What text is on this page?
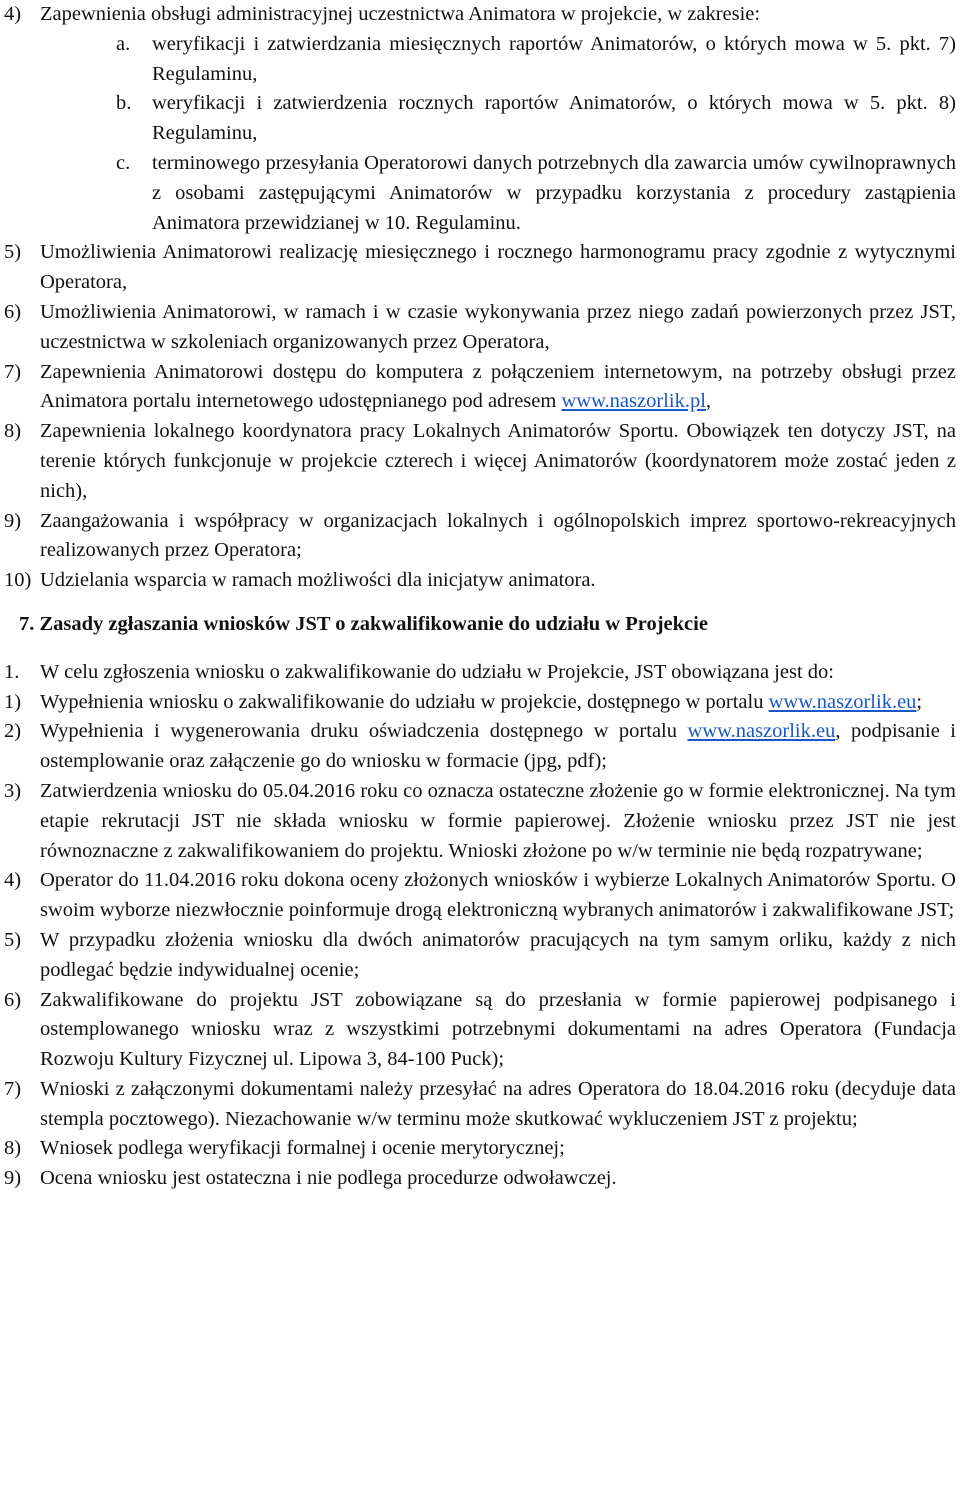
4) Zapewnienia obsługi administracyjnej uczestnictwa Animatora w projekcie, w zakresie:
a. weryfikacji i zatwierdzania miesięcznych raportów Animatorów, o których mowa w 5. pkt. 7) Regulaminu,
b. weryfikacji i zatwierdzenia rocznych raportów Animatorów, o których mowa w 5. pkt. 8) Regulaminu,
c. terminowego przesyłania Operatorowi danych potrzebnych dla zawarcia umów cywilnoprawnych z osobami zastępującymi Animatorów w przypadku korzystania z procedury zastąpienia Animatora przewidzianej w 10. Regulaminu.
5) Umożliwienia Animatorowi realizację miesięcznego i rocznego harmonogramu pracy zgodnie z wytycznymi Operatora,
6) Umożliwienia Animatorowi, w ramach i w czasie wykonywania przez niego zadań powierzonych przez JST, uczestnictwa w szkoleniach organizowanych przez Operatora,
7) Zapewnienia Animatorowi dostępu do komputera z połączeniem internetowym, na potrzeby obsługi przez Animatora portalu internetowego udostępnianego pod adresem www.naszorlik.pl,
8) Zapewnienia lokalnego koordynatora pracy Lokalnych Animatorów Sportu. Obowiązek ten dotyczy JST, na terenie których funkcjonuje w projekcie czterech i więcej Animatorów (koordynatorem może zostać jeden z nich),
9) Zaangażowania i współpracy w organizacjach lokalnych i ogólnopolskich imprez sportowo-rekreacyjnych realizowanych przez Operatora;
10) Udzielania wsparcia w ramach możliwości dla inicjatyw animatora.
7. Zasady zgłaszania wniosków JST o zakwalifikowanie do udziału w Projekcie
1. W celu zgłoszenia wniosku o zakwalifikowanie do udziału w Projekcie, JST obowiązana jest do:
1) Wypełnienia wniosku o zakwalifikowanie do udziału w projekcie, dostępnego w portalu www.naszorlik.eu;
2) Wypełnienia i wygenerowania druku oświadczenia dostępnego w portalu www.naszorlik.eu, podpisanie i ostemplowanie oraz załączenie go do wniosku w formacie (jpg, pdf);
3) Zatwierdzenia wniosku do 05.04.2016 roku co oznacza ostateczne złożenie go w formie elektronicznej. Na tym etapie rekrutacji JST nie składa wniosku w formie papierowej. Złożenie wniosku przez JST nie jest równoznaczne z zakwalifikowaniem do projektu. Wnioski złożone po w/w terminie nie będą rozpatrywane;
4) Operator do 11.04.2016 roku dokona oceny złożonych wniosków i wybierze Lokalnych Animatorów Sportu. O swoim wyborze niezwłocznie poinformuje drogą elektroniczną wybranych animatorów i zakwalifikowane JST;
5) W przypadku złożenia wniosku dla dwóch animatorów pracujących na tym samym orliku, każdy z nich podlegać będzie indywidualnej ocenie;
6) Zakwalifikowane do projektu JST zobowiązane są do przesłania w formie papierowej podpisanego i ostemplowanego wniosku wraz z wszystkimi potrzebnymi dokumentami na adres Operatora (Fundacja Rozwoju Kultury Fizycznej ul. Lipowa 3, 84-100 Puck);
7) Wnioski z załączonymi dokumentami należy przesyłać na adres Operatora do 18.04.2016 roku (decyduje data stempla pocztowego). Niezachowanie w/w terminu może skutkować wykluczeniem JST z projektu;
8) Wniosek podlega weryfikacji formalnej i ocenie merytorycznej;
9) Ocena wniosku jest ostateczna i nie podlega procedurze odwoławczej.
